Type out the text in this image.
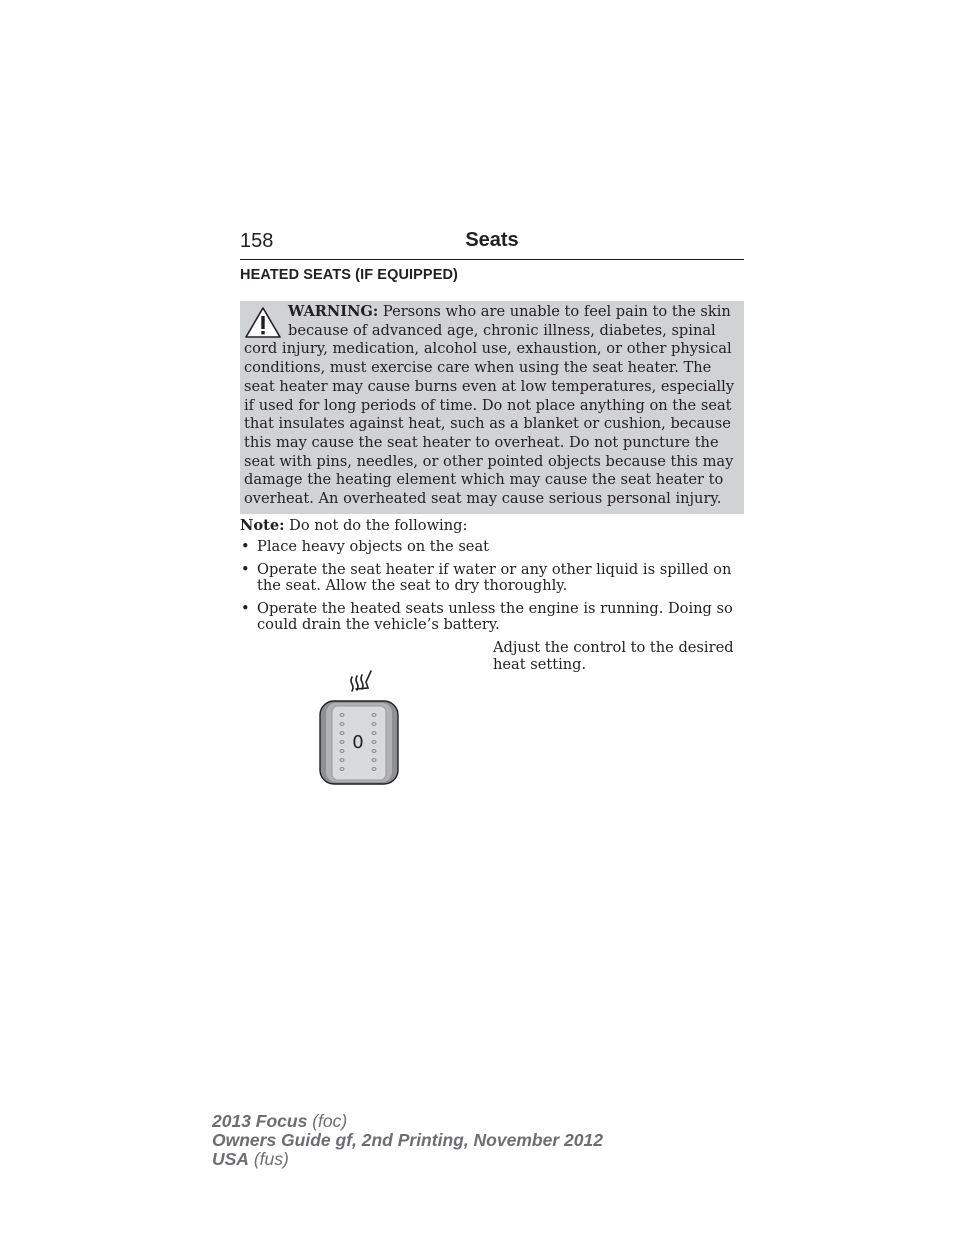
158	Seats
HEATED SEATS (IF EQUIPPED)
WARNING: Persons who are unable to feel pain to the skin because of advanced age, chronic illness, diabetes, spinal cord injury, medication, alcohol use, exhaustion, or other physical conditions, must exercise care when using the seat heater. The seat heater may cause burns even at low temperatures, especially if used for long periods of time. Do not place anything on the seat that insulates against heat, such as a blanket or cushion, because this may cause the seat heater to overheat. Do not puncture the seat with pins, needles, or other pointed objects because this may damage the heating element which may cause the seat heater to overheat. An overheated seat may cause serious personal injury.
Note: Do not do the following:
• Place heavy objects on the seat
• Operate the seat heater if water or any other liquid is spilled on the seat. Allow the seat to dry thoroughly.
• Operate the heated seats unless the engine is running. Doing so could drain the vehicle’s battery.
Adjust the control to the desired heat setting.
0
2013 Focus (foc)
Owners Guide gf, 2nd Printing, November 2012
USA (fus)
